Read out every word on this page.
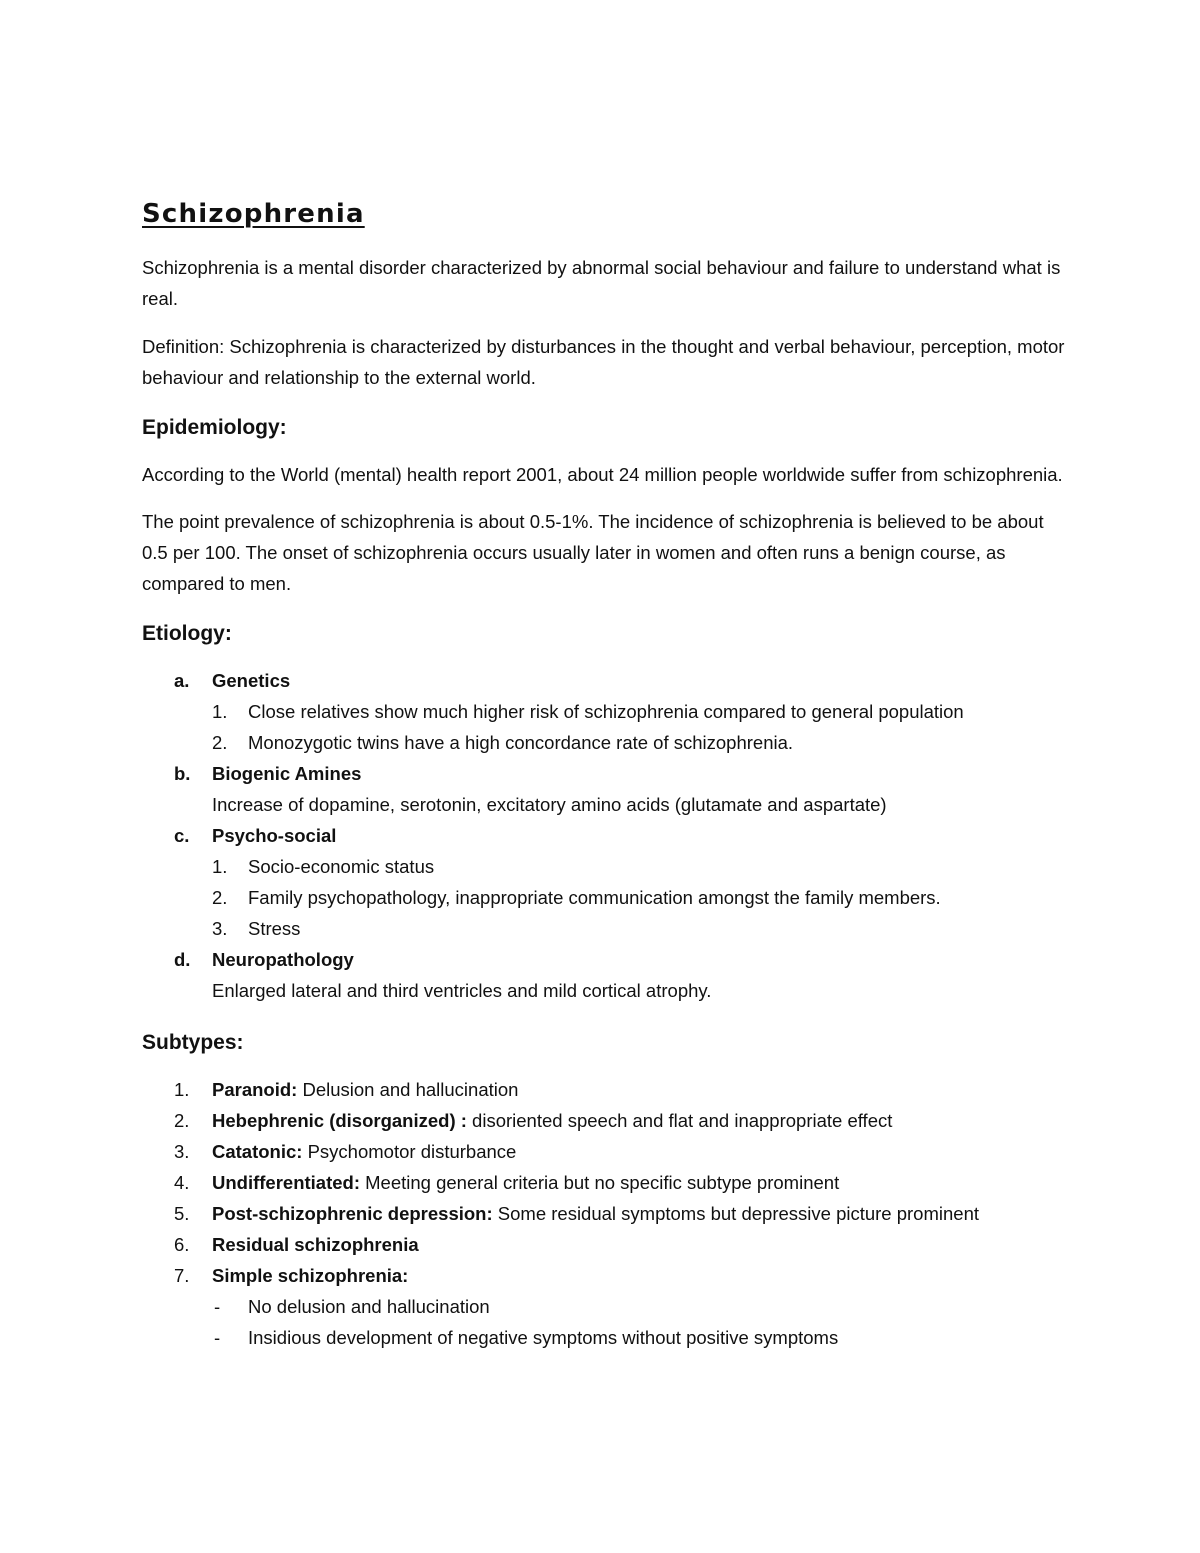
Schizophrenia

Schizophrenia is a mental disorder characterized by abnormal social behaviour and failure to understand what is real.

Definition: Schizophrenia is characterized by disturbances in the thought and verbal behaviour, perception, motor behaviour and relationship to the external world.

Epidemiology:

According to the World (mental) health report 2001, about 24 million people worldwide suffer from schizophrenia.

The point prevalence of schizophrenia is about 0.5-1%. The incidence of schizophrenia is believed to be about 0.5 per 100. The onset of schizophrenia occurs usually later in women and often runs a benign course, as compared to men.

Etiology:
a. Genetics
1. Close relatives show much higher risk of schizophrenia compared to general population
2. Monozygotic twins have a high concordance rate of schizophrenia.
b. Biogenic Amines
Increase of dopamine, serotonin, excitatory amino acids (glutamate and aspartate)
c. Psycho-social
1. Socio-economic status
2. Family psychopathology, inappropriate communication amongst the family members.
3. Stress
d. Neuropathology
Enlarged lateral and third ventricles and mild cortical atrophy.
Subtypes:
1. Paranoid: Delusion and hallucination
2. Hebephrenic (disorganized) : disoriented speech and flat and inappropriate effect
3. Catatonic: Psychomotor disturbance
4. Undifferentiated: Meeting general criteria but no specific subtype prominent
5. Post-schizophrenic depression: Some residual symptoms but depressive picture prominent
6. Residual schizophrenia
7. Simple schizophrenia:
- No delusion and hallucination
- Insidious development of negative symptoms without positive symptoms
